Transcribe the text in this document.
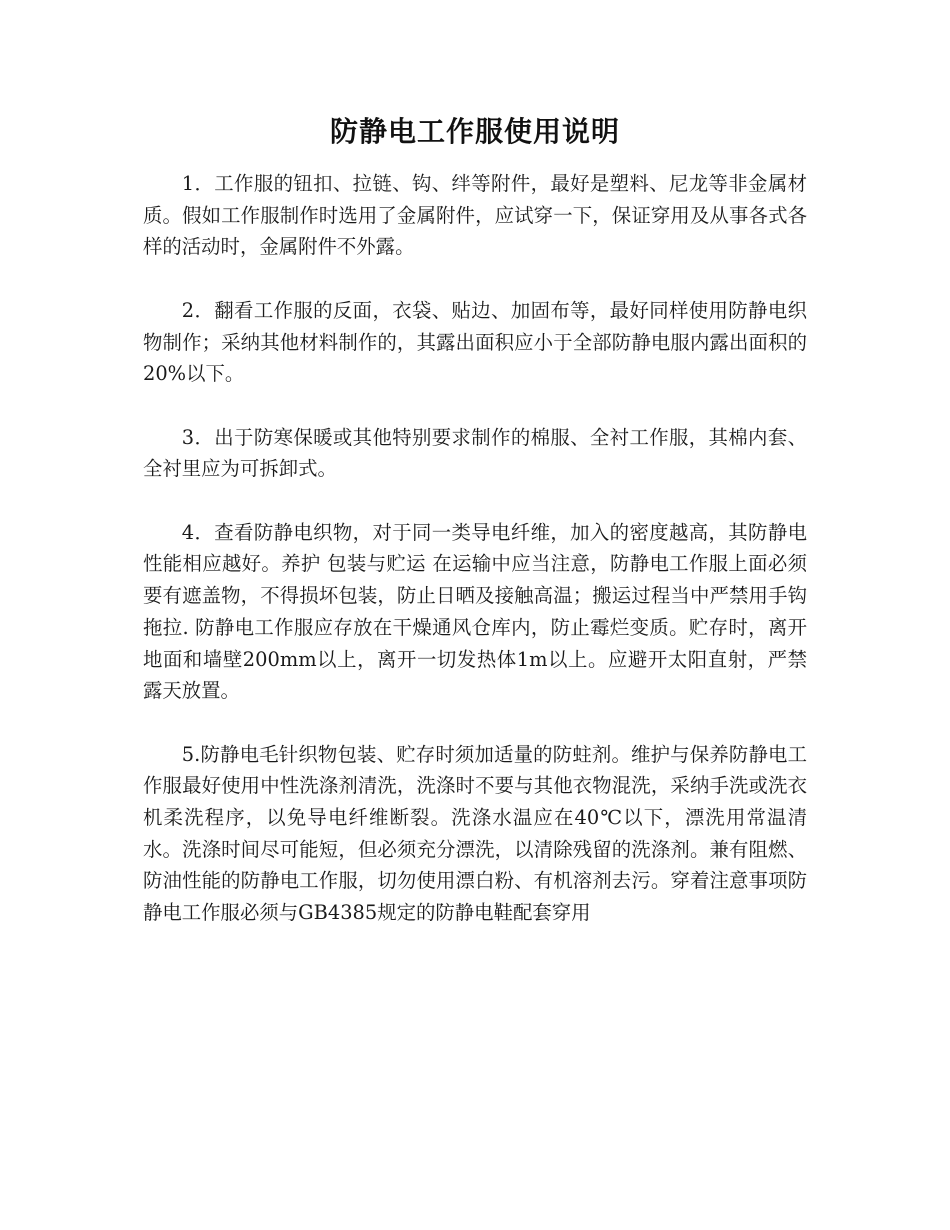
防静电工作服使用说明

1．工作服的钮扣、拉链、钩、绊等附件，最好是塑料、尼龙等非金属材质。假如工作服制作时选用了金属附件，应试穿一下，保证穿用及从事各式各样的活动时，金属附件不外露。

2．翻看工作服的反面，衣袋、贴边、加固布等，最好同样使用防静电织物制作；采纳其他材料制作的，其露出面积应小于全部防静电服内露出面积的20%以下。

3．出于防寒保暖或其他特别要求制作的棉服、全衬工作服，其棉内套、全衬里应为可拆卸式。

4．查看防静电织物，对于同一类导电纤维，加入的密度越高，其防静电性能相应越好。养护 包装与贮运 在运输中应当注意，防静电工作服上面必须要有遮盖物，不得损坏包装，防止日晒及接触高温；搬运过程当中严禁用手钩拖拉. 防静电工作服应存放在干燥通风仓库内，防止霉烂变质。贮存时，离开地面和墙壁200mm以上，离开一切发热体1m以上。应避开太阳直射，严禁露天放置。

5.防静电毛针织物包装、贮存时须加适量的防蛀剂。维护与保养防静电工作服最好使用中性洗涤剂清洗，洗涤时不要与其他衣物混洗，采纳手洗或洗衣机柔洗程序，以免导电纤维断裂。洗涤水温应在40℃以下，漂洗用常温清水。洗涤时间尽可能短，但必须充分漂洗，以清除残留的洗涤剂。兼有阻燃、防油性能的防静电工作服，切勿使用漂白粉、有机溶剂去污。穿着注意事项防静电工作服必须与GB4385规定的防静电鞋配套穿用
